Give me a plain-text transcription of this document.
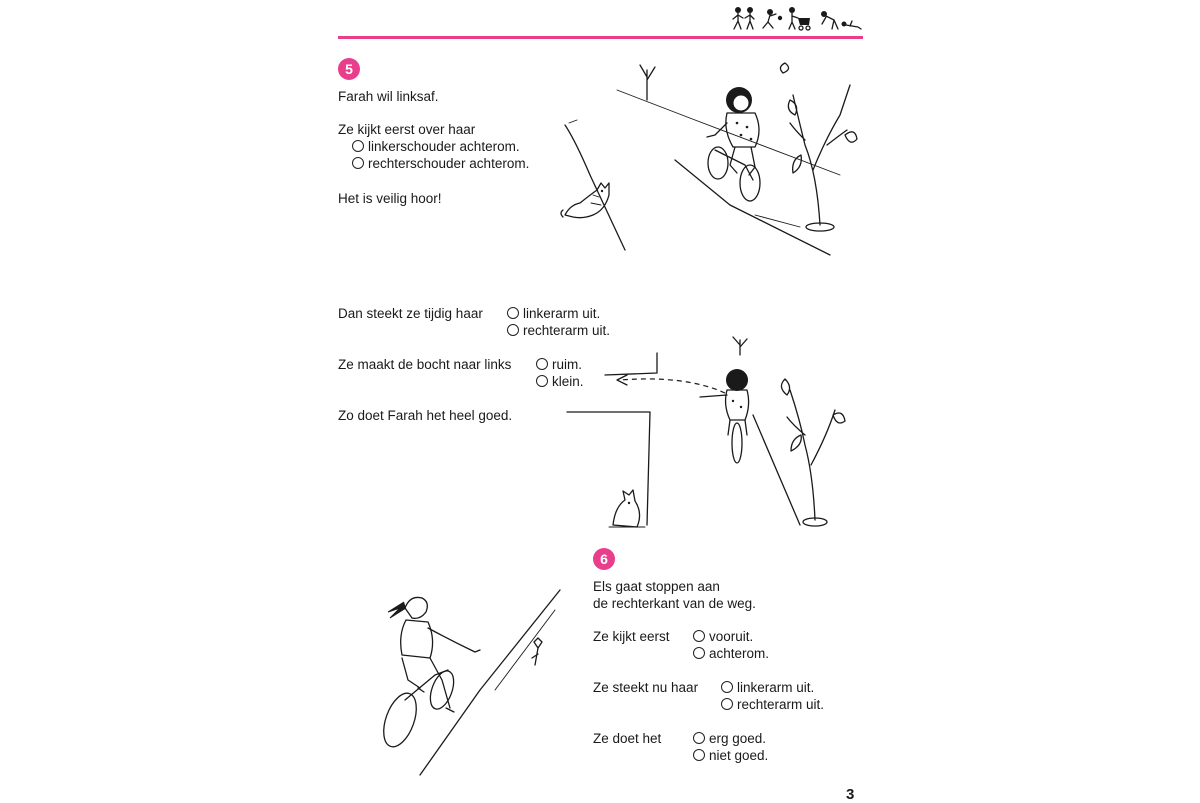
5
Farah wil linksaf.
Ze kijkt eerst over haar
linkerschouder achterom.
rechterschouder achterom.
Het is veilig hoor!
Dan steekt ze tijdig haar	linkerarm uit.
rechterarm uit.
Ze maakt de bocht naar links	ruim.
klein.
Zo doet Farah het heel goed.
6
Els gaat stoppen aan
de rechterkant van de weg.
Ze kijkt eerst	vooruit.
achterom.
Ze steekt nu haar	linkerarm uit.
rechterarm uit.
Ze doet het	erg goed.
niet goed.
3
